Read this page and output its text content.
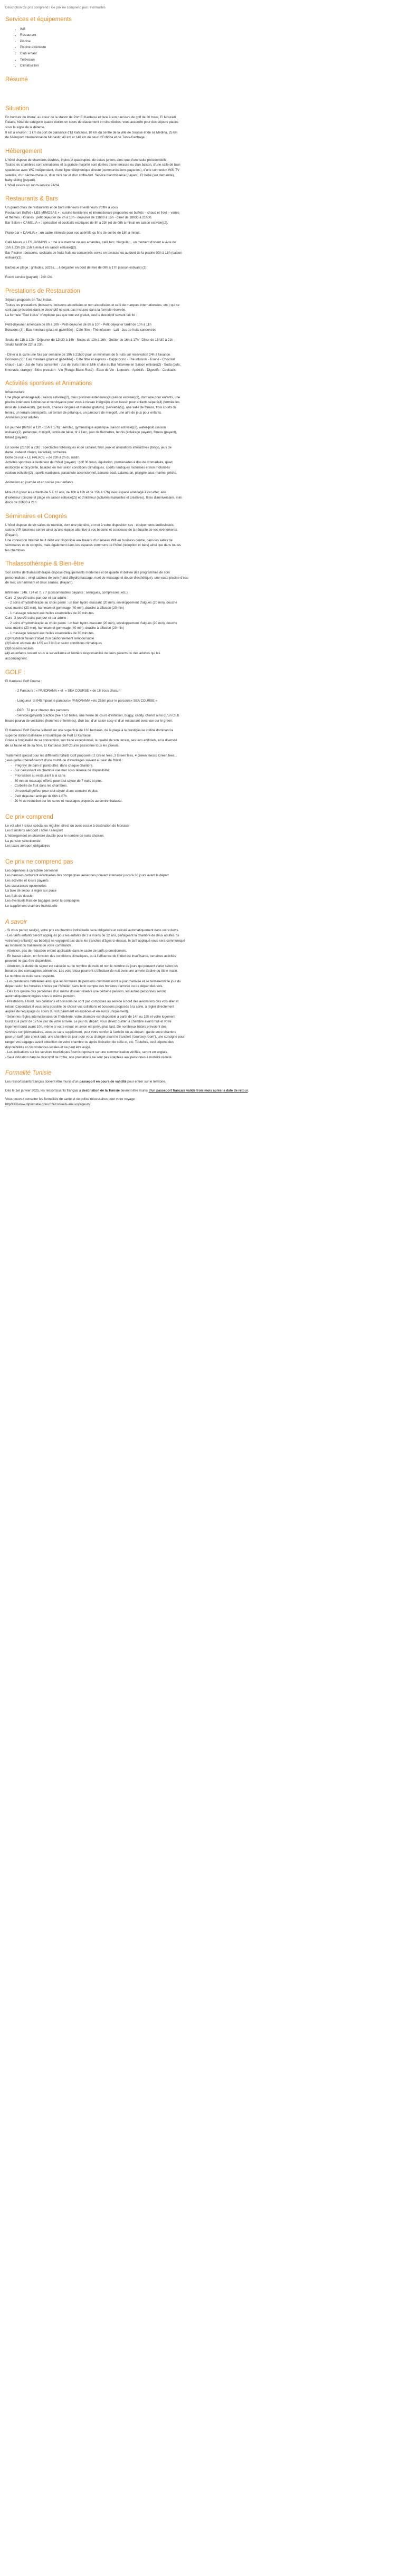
Description Ce prix comprend / Ce prix ne comprend pas / Formalités
Services et équipements
• Wifi
• Restaurant
• Piscine
• Piscine extérieure
• Club enfant
• Télévision
• Climatisation
Résumé
Situation
En bordure du littoral, au cœur de la station de Port El Kantaoui et face à son parcours de golf de 36 trous, El Mouradi
Palace, hôtel de catégorie quatre étoiles en cours de classement en cinq étoiles, vous accueille pour des séjours placés
sous le signe de la détente.
Il est à environ : 1 km du port de plaisance d'El Kantaoui, 10 km du centre de la ville de Sousse et de sa Médina, 25 km
de l'Aéroport International de Monastir, 40 km et 140 km de ceux d'Enfidha et de Tunis-Carthage.
Hébergement
L'hôtel dispose de chambres doubles, triples et quadruples, de suites juniors ainsi que d'une suite présidentielle.
Toutes les chambres sont climatisées et la grande majorité sont dotées d'une terrasse ou d'un balcon, d'une salle de bain
spacieuse avec WC indépendant, d'une ligne téléphonique directe (communications payantes), d'une connexion Wifi, TV
satellite, d'un sèche-cheveux, d'un mini bar et d'un coffre-fort. Service blanchisserie (payant). Et bébé (sur demande),
baby-sitting (payant).
L'hôtel assure un room-service 24/24.
Restaurants & Bars
Un grand choix de restaurants et de bars intérieurs et extérieurs s'offre à vous
Restaurant Buffet « LES MIMOSAS » : cuisine tunisienne et internationale proposées en buffets – chaud et froid – variés
et thèmes. Horaires : petit déjeuner de 7h à 10h - déjeuner de 13h00 à 15h - dîner de 18h30 à 21h00.
Bar Salon « CAMELIA » : spécialisé et cocktails exotiques de 8h à 23h (et de 08h à minuit en saison estivale)(2).
Piano-bar « DAHLIA » : un cadre intimiste pour vos apéritifs ou fins de soirée de 18h à minuit.
Café Maure « LES JASMINS » : thé à la menthe ou aux amandes, café turc, Narguilé.... un moment d'orient à vivre de
15h à 23h (de 15h à minuit en saison estivale)(2).
Bar Piscine : boissons, cocktails de fruits frais ou concentrés servis en terrasse ou au bord de la piscine 09h à 18h (saison
estivale)(2).
Barbecue plage : grillades, pizzas..., à déguster en bord de mer de 09h à 17h (saison estivale) (2).
Room service (payant) : 24h /24.
Prestations de Restauration
Séjours proposés en Tout inclus.
Toutes les prestations (boissons, boissons alcoolisées et non alcoolisées et café de marques internationales, etc.) qui ne
sont pas précisées dans le descriptif ne sont pas incluses dans la formule réservée.
La formule "Tout inclus" n'implique pas que tout est gratuit, seul le descriptif suivant fait foi :
Petit-déjeuner américain de 8h à 10h - Petit-déjeuner de 8h à 10h - Petit-déjeuner tardif de 10h à 11h
Boissons (3) : Eau minérale (plate et gazéifiée) - Café filtre - Thé infusion - Lait - Jus de fruits concentrés
Snaks de 11h à 12h - Déjeuner de 12h30 à 14h - Snaks de 13h à 16h - Goûter de 16h à 17h - Dîner de 18h30 à 21h -
Snaks tardif de 22h à 23h.
- Dîner à la carte une fois par semaine de 19h à 21h30 pour un minimum de 5 nuits sur réservation 24h à l'avance.
Boissons (3) : Eau minérale (plate et gazéifiée) - Café filtre et express - Cappuccino - Thé infusion - Tisane - Chocolat
chaud - Lait - Jus de fruits concentré - Jus de fruits frais et Milk shake au Bar Vitamine en Saison estivale(2) - Soda (cola,
limonade, orange) - Bière pression - Vin (Rouge-Blanc-Rosé) - Eaux de Vie - Liqueurs - Apéritifs - Digestifs - Cocktails.
Activités sportives et Animations
Infrastructure
Une plage aménagée(4) (saison estivale)(2), deux piscines extérieures(4)(saison estivale)(2), dont une pour enfants, une
piscine intérieure lumineuse et verdoyante pour vous à niveau intégré(4) et un bassin pour enfants séparé(4) (fermée les
mois de Juillet-Août), (parasols, chaises longues et matelas gratuits), (serviette(5)), une salle de fitness, trois courts de
tennis, un terrain omnisports, un terrain de pétanque, un parcours de minigolf, une aire de jeux pour enfants.
Animation pour adultes
En journée (09h30 à 12h - 15h à 17h) : aérobic, gymnastique aquatique (saison estivale)(2), water-polo (saison
estivale)(2), pétanque, minigolf, tennis de table, tir à l'arc, jeux de fléchettes, tennis (éclairage payant), fitness (payant),
billard (payant).
En soirée (21h30 à 23h) : spectacles folkloriques et de cabaret, fakir, jeux et animations interactives (bingo, jeux de
dame, cabaret clients, karaoké), orchestre.
Boîte de nuit « LE PALACE » de 23h à 2h du matin.
Activités sportives à l'extérieur de l'hôtel (payant) : golf 36 trous, équitation, promenades à dos de dromadaire, quad,
motocycle et bicyclette, balades en mer selon conditions climatiques, sports nautiques motorisés et non motorisés
(saison estivale)(2) : sports nautiques, parachute ascensionnel, banana-boat, catamaran, plongée sous-marine, pêche.
Animation en journée et en soirée pour enfants
Mini-club (pour les enfants de 5 à 12 ans, de 10h à 12h et de 15h à 17h) avec espace aménagé à cet effet, aire
d'extérieur (piscine et plage en saison estivale(2)) et d'intérieur (activités manuelles et créatives), fêtes d'anniversaire, mini
disco de 20h30 à 21h.
Séminaires et Congrès
L'hôtel dispose de six salles de réunion, dont une plénière, et met à votre disposition ses : équipements audiovisuels,
salons VIP, business centre ainsi qu'une équipe attentive à vos besoins et soucieuse de la réussite de vos événements.
(Payant).
Une connexion Internet haut débit est disponible aux travers d'un réseau Wifi au business centre, dans les salles de
séminaires et de congrès, mais également dans les espaces communs de l'hôtel (réception et bars) ainsi que dans toutes
les chambres.
Thalassothérapie & Bien-être
Son centre de thalassothérapie dispose d'équipements modernes et de qualité et délivre des programmes de soin
personnalisés : vingt cabines de soin (hand d'hydromassage, nuet de massage et douce d'esthétique), une vaste piscine d'eau
de mer, un hammam et deux saunas. (Payant).
Infirmerie : 24h. / 24 et 7j. / 7 (consommables payants : seringues, compresses, etc.).
Cure  2 jours/3 soins par jour et par adulte :
- 2 soins d'hydrothérapie au choix parmi : un bain hydro-massant (20 min), enveloppement d'algues (20 min), douche
sous-marine (20 min), hammam et gommage (40 min), douche à affusion (20 min)
- 1 massage relaxant aux huiles essentielles de 30 minutes.
Cure  3 jours/3 soins par jour et par adulte :
- 2 soins d'hydrothérapie au choix parmi : un bain hydro-massant (20 min), enveloppement d'algues (20 min), douche
sous-marine (20 min), hammam et gommage (40 min), douche à affusion (20 min)
- 1 massage relaxant aux huiles essentielles de 30 minutes.
(1)Prestation faisant l'objet d'un cautionnement remboursable
(2)Saison estivale du 1/05 au 31/10 et selon conditions climatiques
(3)Boissons locales
(4)Les enfants restent sous la surveillance et l'entière responsabilité de leurs parents ou des adultes qui les
accompagnent.
GOLF :
El Kantaoui Golf Course :
- 2 Parcours : « PANORAMA » et  « SEA COURSE » de 18 trous chacun
- Longueur  di 045 mpour le parcours« PANORAMA »ets 253m pour le parcours« SEA COURSE »
- PAR : 72 pour chacun des parcours
- Services(payant) practice (tee + 50 balles, une heure de cours d'initiation, buggy, caddy, chariot ainsi qu'un Club
house pourvu de vestiaires (hommes et femmes), d'un bar, d'un salon cosy et d'un restaurant avec vue sur le green.
El Kantaoui Golf Course s'étend sur une superficie de 130 hectares, de la plage à la prestigieuse colline dominant la
superbe station balnéaire et touristique de Port El Kantaoui.
Grâce à l'originalité de sa conception, son tracé exceptionnel, la qualité de son terrain, ses lacs artificiels, et la diversité
de sa faune et de sa flore, El Kantaoui Golf Course passionne tous les joueurs.
Traitement spécial pour les différents forfaits Golf proposés ( 2 Green fees ,3 Green fees, 4 Green fees≥5 Green fees...
) ees golfeur(bénéficieront d'une multitude d'avantages suivant au sein de l'hôtel :
-   Prégreyr de bain et pantoufles  dans chaque chambre.
-   Sur caissonant en chambre vue mer sous réserve de disponibilité.
-   Priorisation au restaurant à la carte.
-   30 mn de massage offerte pour tout séjour de 7 nuits et plus.
-   Corbeille de fruit dans les chambres.
-   Un cocktail golfeur pour tout séjour d'une semaine et plus.
-   Petit déjeuner anticipé de 06h à 07h.
-   20 % de réduction sur les cures et massages proposés au centre thalasso.
Ce prix comprend
Le vol aller / retour spécial ou régulier, direct ou avec escale à destination de Monastir
Les transferts aéroport / hôtel / aéroport
L'hébergement en chambre double pour le nombre de nuits choisies
La pension sélectionnée
Les taxes aéroport obligatoires
Ce prix ne comprend pas
Les dépenses à caractère personnel
Les hausses carburant éventuelles des compagnies aériennes pouvant intervenir jusqu'à 30 jours avant le départ
Les activités et loisirs payants
Les assurances optionnelles
La taxe de séjour à régler sur place
Les frais de dossier
Les éventuels frais de bagages selon la compagnie
Le supplément chambre individuelle
A savoir
- Si vous partez seul(e), votre prix en chambre individuelle sera obligatoire et calculé automatiquement dans votre devis.
- Les tarifs enfants seront appliqués pour les enfants de 2 à moins de 12 ans, partageant la chambre de deux adultes. Si
votre/vos) enfant(s) ou bébé(s) ne voyagent pas dans les tranches d'âges ci-dessus, le tarif appliqué vous sera communiqué
au moment du traitement de votre commande.
- Attention, pas de réduction enfant applicable dans le cadre de tarifs promotionnels.
- En basse saison, en fonction des conditions climatiques, ou à l'affluence de l'hôtel est insuffisante, certaines activités
peuvent ne pas être disponibles.
- Attention, la durée du séjour est calculée sur le nombre de nuits et non le nombre de jours qui peuvent varier selon les
horaires des compagnies aériennes. Les vols retour pourront s'effectuer de nuit avec une arrivée tardive ou tôt le matin.
Le nombre de nuits sera respecté.
- Les prestations hôtelières ainsi que les formules de pensions commenceront le jour d'arrivée et se termineront le jour du
départ selon les horaires choisis par l'hôtelier, sans tenir compte des horaires d'arrivée ou de départ des vols.
- Dès lors qu'une des personnes d'un même dossier réserve une certaine pension, les autres personnes seront
automatiquement logées sous la même pension.
- Prestations à bord : les collations et boissons ne sont pas comprises au service à bord des avions lors des vols aller et
retour. Cependant il vous sera possible de choisir vos collations et boissons proposés à la carte, à régler directement
auprès de l'équipage ou cours du vol (paiement en espèces et en euros uniquement).
- Selon les règles internationales de l'hôtellerie, votre chambre est disponible à partir de 14h ou 15h et votre logement
lourd(e) à partir de 17h le jour de votre arrivée. Le jour du départ, vous devez quitter la chambre avant midi et votre
logement lourd avant 10h, même si votre retour en avion est prévu plus tard. De nombreux hôtels prévoient des
services complémentaires, avec ou sans supplément, pour votre confort à l'arrivée ou au départ : garde votre chambre
pour un tarif (late check out), une chambre de jour pour vous changer avant le transfert ('courtesy room'), une consigne pour
ranger vos bagages avant obtention de votre chambre ou après libération de celle-ci, etc. Toutefois, ceci dépend des
disponibilités et circonstances locales et ne peut être exigé.
- Les indications sur les services touristiques fournis reposent sur une communication vérifiée, seront en anglais.
- Seul indication dans le descriptif de l'offre, nos prestations ne sont pas adaptées aux personnes à mobilité réduite.
Formalité Tunisie

Les ressortissants français doivent être munis d'un passeport en cours de validité pour entrer sur le territoire.

Dès le 1er janvier 2025, les ressortissants français à destination de la Tunisie devront être munis d'un passeport français valide trois mois après la date de retour.

Vous pouvez consulter les formalités de santé et de police nécessaires pour votre voyage :

http/XXXwww.diplomatie.gouv.fr/fr/conseils-aux-voyageurs/
